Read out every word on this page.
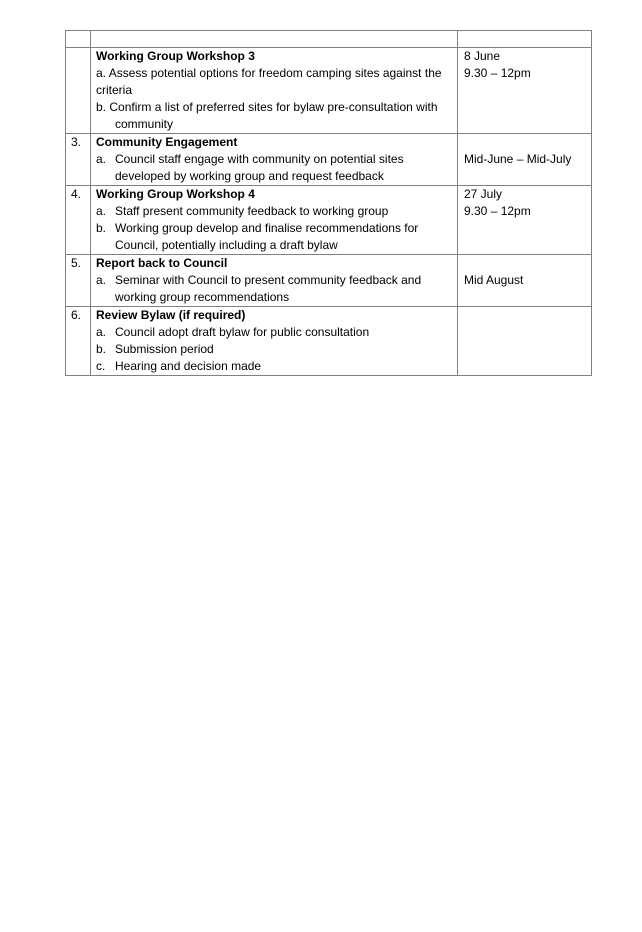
	Working Group Workshop 3
a. Assess potential options for freedom camping sites against the criteria
b. Confirm a list of preferred sites for bylaw pre-consultation with community	8 June
9.30 – 12pm

3.	Community Engagement
a. Council staff engage with community on potential sites developed by working group and request feedback	Mid-June – Mid-July

4.	Working Group Workshop 4
a. Staff present community feedback to working group
b. Working group develop and finalise recommendations for Council, potentially including a draft bylaw	27 July
9.30 – 12pm

5.	Report back to Council
a. Seminar with Council to present community feedback and working group recommendations	Mid August

6.	Review Bylaw (if required)
a. Council adopt draft bylaw for public consultation
b. Submission period
c. Hearing and decision made	
